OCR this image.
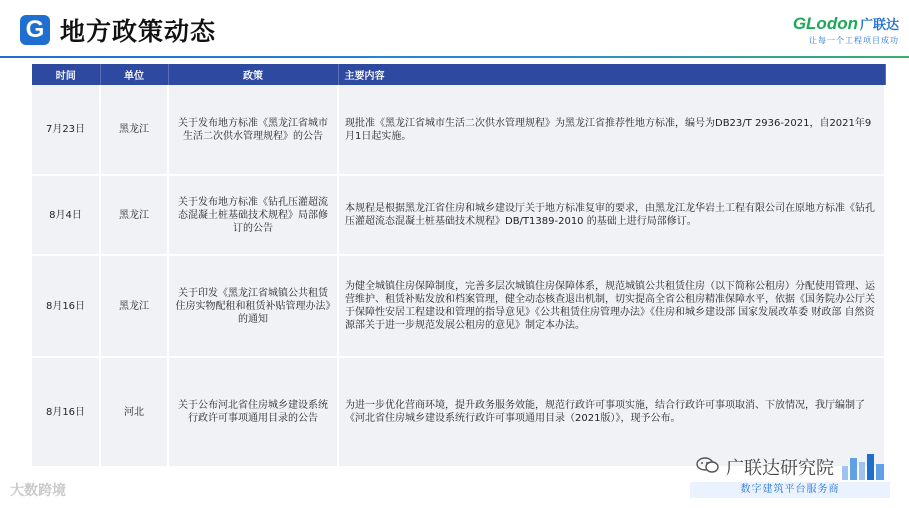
G 地方政策动态	GLodon 广联达
让每一个工程项目成功
时间	单位	政策	主要内容
7月23日	黑龙江	关于发布地方标准《黑龙江省城市生活二次供水管理规程》的公告	现批准《黑龙江省城市生活二次供水管理规程》为黑龙江省推荐性地方标准，编号为DB23/T 2936-2021，自2021年9月1日起实施。
8月4日	黑龙江	关于发布地方标准《钻孔压灌超流态混凝土桩基础技术规程》局部修订的公告	本规程是根据黑龙江省住房和城乡建设厅关于地方标准复审的要求，由黑龙江龙华岩土工程有限公司在原地方标准《钻孔压灌超流态混凝土桩基础技术规程》DB/T1389-2010 的基础上进行局部修订。
8月16日	黑龙江	关于印发《黑龙江省城镇公共租赁住房实物配租和租赁补贴管理办法》的通知	为健全城镇住房保障制度，完善多层次城镇住房保障体系，规范城镇公共租赁住房（以下简称公租房）分配使用管理、运营维护、租赁补贴发放和档案管理，健全动态核查退出机制，切实提高全省公租房精准保障水平，依据《国务院办公厅关于保障性安居工程建设和管理的指导意见》《公共租赁住房管理办法》《住房和城乡建设部 国家发展改革委 财政部 自然资源部关于进一步规范发展公租房的意见》制定本办法。
8月16日	河北	关于公布河北省住房城乡建设系统行政许可事项通用目录的公告	为进一步优化营商环境，提升政务服务效能，规范行政许可事项实施，结合行政许可事项取消、下放情况，我厅编制了《河北省住房城乡建设系统行政许可事项通用目录（2021版）》，现予公布。
大数跨境
广联达研究院
数字建筑平台服务商
